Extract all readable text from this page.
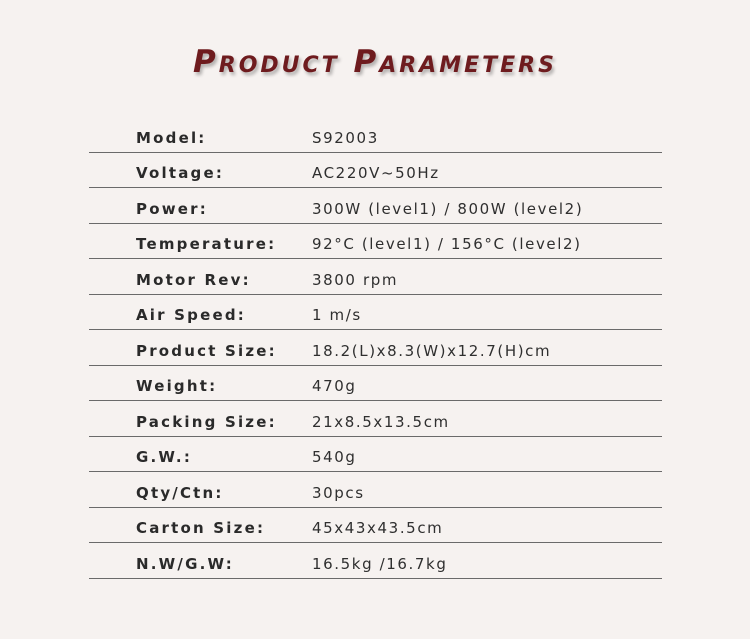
Product Parameters
Model:	S92003
Voltage:	AC220V~50Hz
Power:	300W (level1) / 800W (level2)
Temperature: 92°C (level1) / 156°C (level2)
Motor Rev:	3800 rpm
Air Speed:	1 m/s
Product Size: 18.2(L)x8.3(W)x12.7(H)cm
Weight:	470g
Packing Size: 21x8.5x13.5cm
G.W.:	540g
Qty/Ctn:	30pcs
Carton Size:	45x43x43.5cm
N.W/G.W:	16.5kg /16.7kg
